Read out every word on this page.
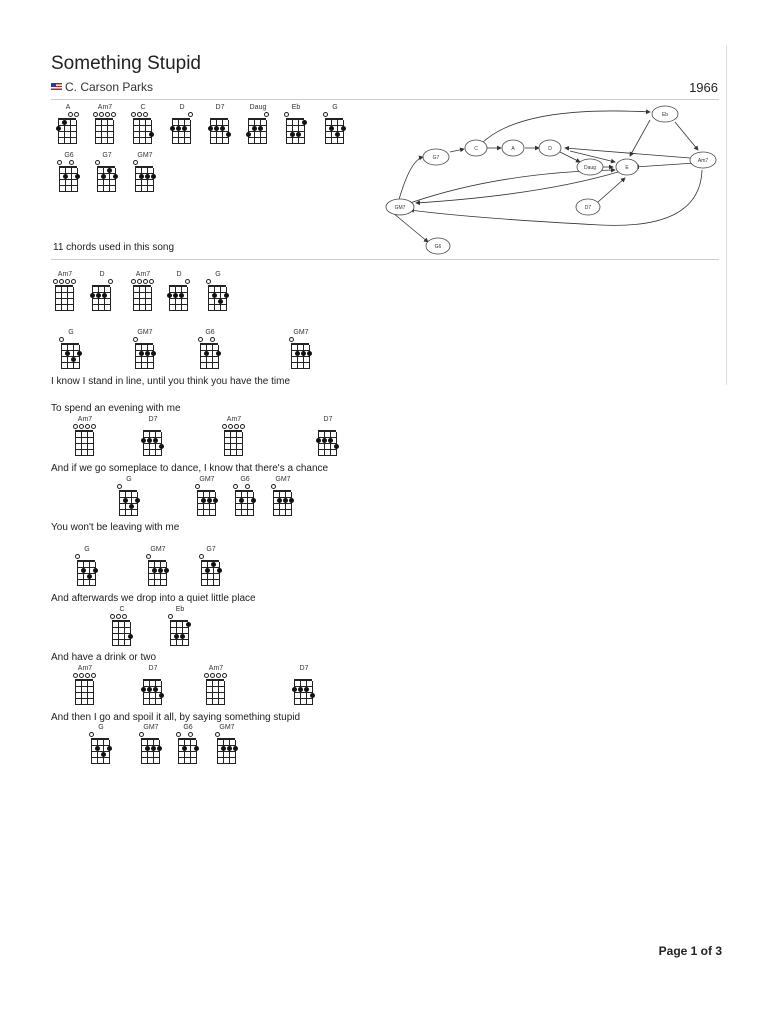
Something Stupid
C. Carson Parks	1966
A	Am7	C	D	D7	Daug	Eb	G
G6	G7	GM7
Am7	D	Am7	D	G
G	GM7	G6	GM7
Am7	D7	Am7	D7
G	GM7	G6	GM7
G	GM7	G7
C	Eb
Am7	D7	Am7	D7
G	GM7	G6	GM7
Eb
G7
C	A	D
Am7
Daug	E
GM7	D7
G6
11 chords used in this song
I know I stand in line, until you think you have the time
To spend an evening with me
And if we go someplace to dance, I know that there's a chance
You won't be leaving with me
And afterwards we drop into a quiet little place
And have a drink or two
And then I go and spoil it all, by saying something stupid
Page 1 of 3
